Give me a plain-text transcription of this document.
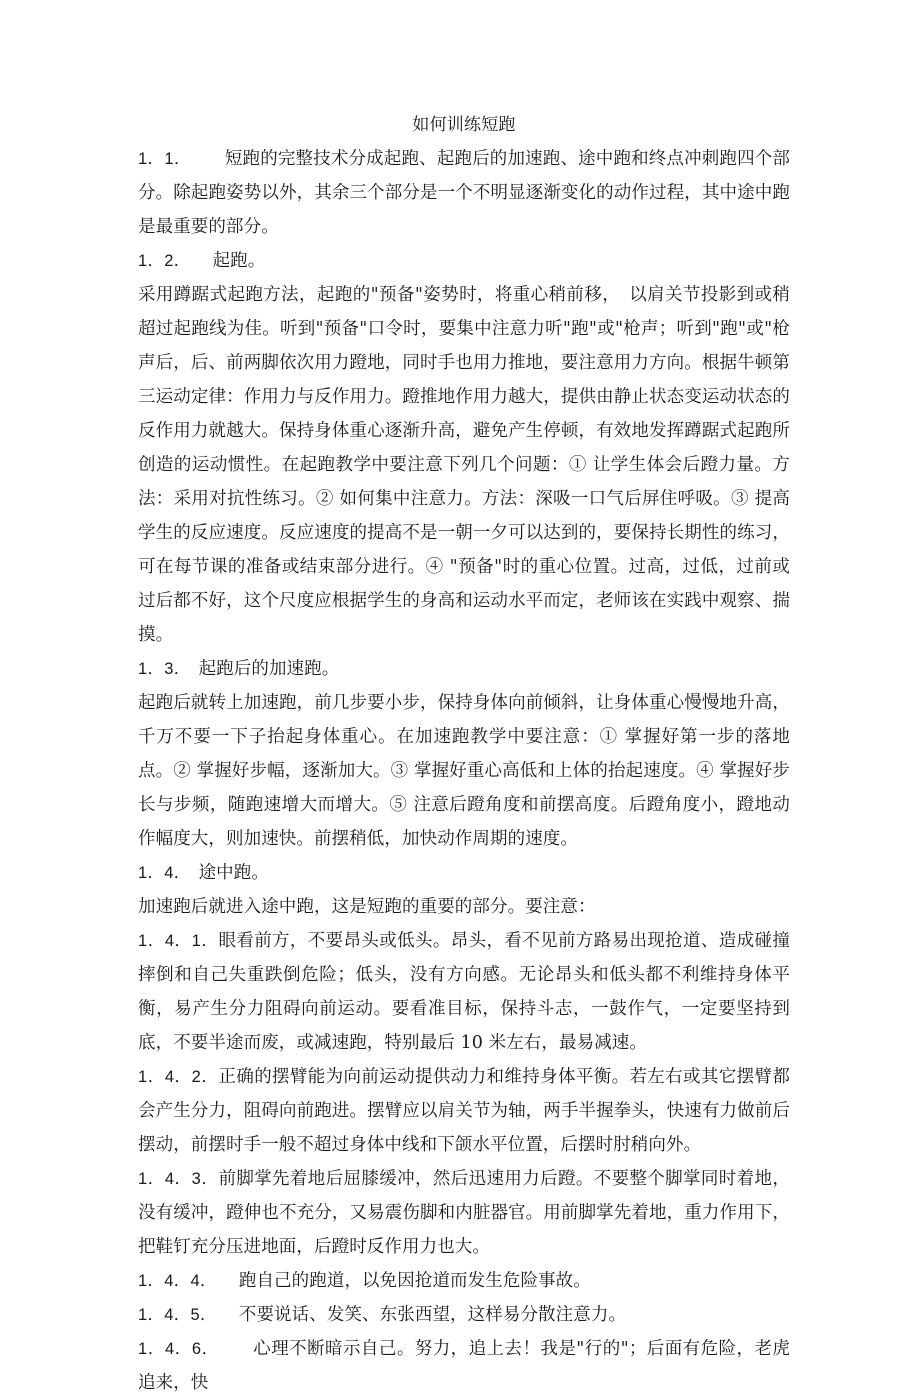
如何训练短跑

1．1． 短跑的完整技术分成起跑、起跑后的加速跑、途中跑和终点冲刺跑四个部分。除起跑姿势以外，其余三个部分是一个不明显逐渐变化的动作过程，其中途中跑是最重要的部分。

1．2． 起跑。

采用蹲踞式起跑方法，起跑的"预备"姿势时，将重心稍前移，　以肩关节投影到或稍超过起跑线为佳。听到"预备"口令时，要集中注意力听"跑"或"枪声；听到"跑"或"枪声后，后、前两脚依次用力蹬地，同时手也用力推地，要注意用力方向。根据牛顿第三运动定律：作用力与反作用力。蹬推地作用力越大，提供由静止状态变运动状态的反作用力就越大。保持身体重心逐渐升高，避免产生停顿，有效地发挥蹲踞式起跑所创造的运动惯性。在起跑教学中要注意下列几个问题：① 让学生体会后蹬力量。方法：采用对抗性练习。② 如何集中注意力。方法：深吸一口气后屏住呼吸。③ 提高学生的反应速度。反应速度的提高不是一朝一夕可以达到的，要保持长期性的练习，可在每节课的准备或结束部分进行。④ "预备"时的重心位置。过高，过低，过前或过后都不好，这个尺度应根据学生的身高和运动水平而定，老师该在实践中观察、揣摸。

1．3． 起跑后的加速跑。

起跑后就转上加速跑，前几步要小步，保持身体向前倾斜，让身体重心慢慢地升高，千万不要一下子抬起身体重心。在加速跑教学中要注意：① 掌握好第一步的落地点。② 掌握好步幅，逐渐加大。③ 掌握好重心高低和上体的抬起速度。④ 掌握好步长与步频，随跑速增大而增大。⑤ 注意后蹬角度和前摆高度。后蹬角度小，蹬地动作幅度大，则加速快。前摆稍低，加快动作周期的速度。

1．4． 途中跑。

加速跑后就进入途中跑，这是短跑的重要的部分。要注意：

1．4．1．眼看前方，不要昂头或低头。昂头，看不见前方路易出现抢道、造成碰撞摔倒和自己失重跌倒危险；低头，没有方向感。无论昂头和低头都不利维持身体平衡，易产生分力阻碍向前运动。要看准目标，保持斗志，一鼓作气，一定要坚持到底，不要半途而废，或减速跑，特别最后 10 米左右，最易减速。

1．4．2．正确的摆臂能为向前运动提供动力和维持身体平衡。若左右或其它摆臂都会产生分力，阻碍向前跑进。摆臂应以肩关节为轴，两手半握拳头，快速有力做前后摆动，前摆时手一般不超过身体中线和下颌水平位置，后摆时肘稍向外。

1．4．3．前脚掌先着地后屈膝缓冲，然后迅速用力后蹬。不要整个脚掌同时着地，没有缓冲，蹬伸也不充分，又易震伤脚和内脏器官。用前脚掌先着地，重力作用下，把鞋钉充分压进地面，后蹬时反作用力也大。

1．4．4． 跑自己的跑道，以免因抢道而发生危险事故。

1．4．5． 不要说话、发笑、东张西望，这样易分散注意力。

1．4．6． 心理不断暗示自己。努力，追上去！我是"行的"；后面有危险，老虎追来，快
